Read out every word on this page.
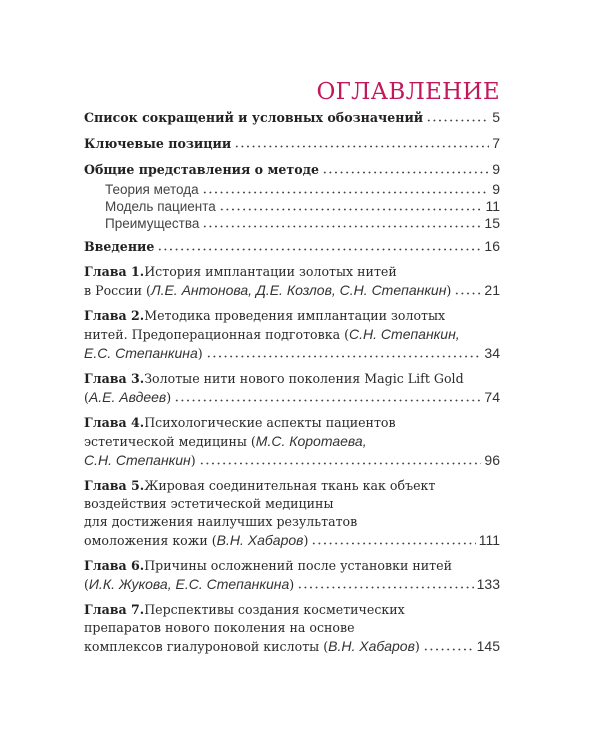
ОГЛАВЛЕНИЕ
Список сокращений и условных обозначений	5
Ключевые позиции	7
Общие представления о методе	9
Теория метода	9
Модель пациента	11
Преимущества	15
Введение	16
Глава 1. История имплантации золотых нитей
в России ( Л.Е. Антонова, Д.Е. Козлов, С.Н. Степанкин ) 21
Глава 2. Методика проведения имплантации золотых
нитей. Предоперационная подготовка ( С.Н. Степанкин,
Е.С. Степанкина )	34
Глава 3. Золотые нити нового поколения Magic Lift Gold
( А.Е. Авдеев )	74
Глава 4. Психологические аспекты пациентов
эстетической медицины ( М.С. Коротаева,
С.Н. Степанкин )	96
Глава 5. Жировая соединительная ткань как объект
воздействия эстетической медицины
для достижения наилучших результатов
омоложения кожи ( В.Н. Хабаров )	111
Глава 6. Причины осложнений после установки нитей
( И.К. Жукова, Е.С. Степанкина )	133
Глава 7. Перспективы создания косметических
препаратов нового поколения на основе
комплексов гиалуроновой кислоты ( В.Н. Хабаров )	145
